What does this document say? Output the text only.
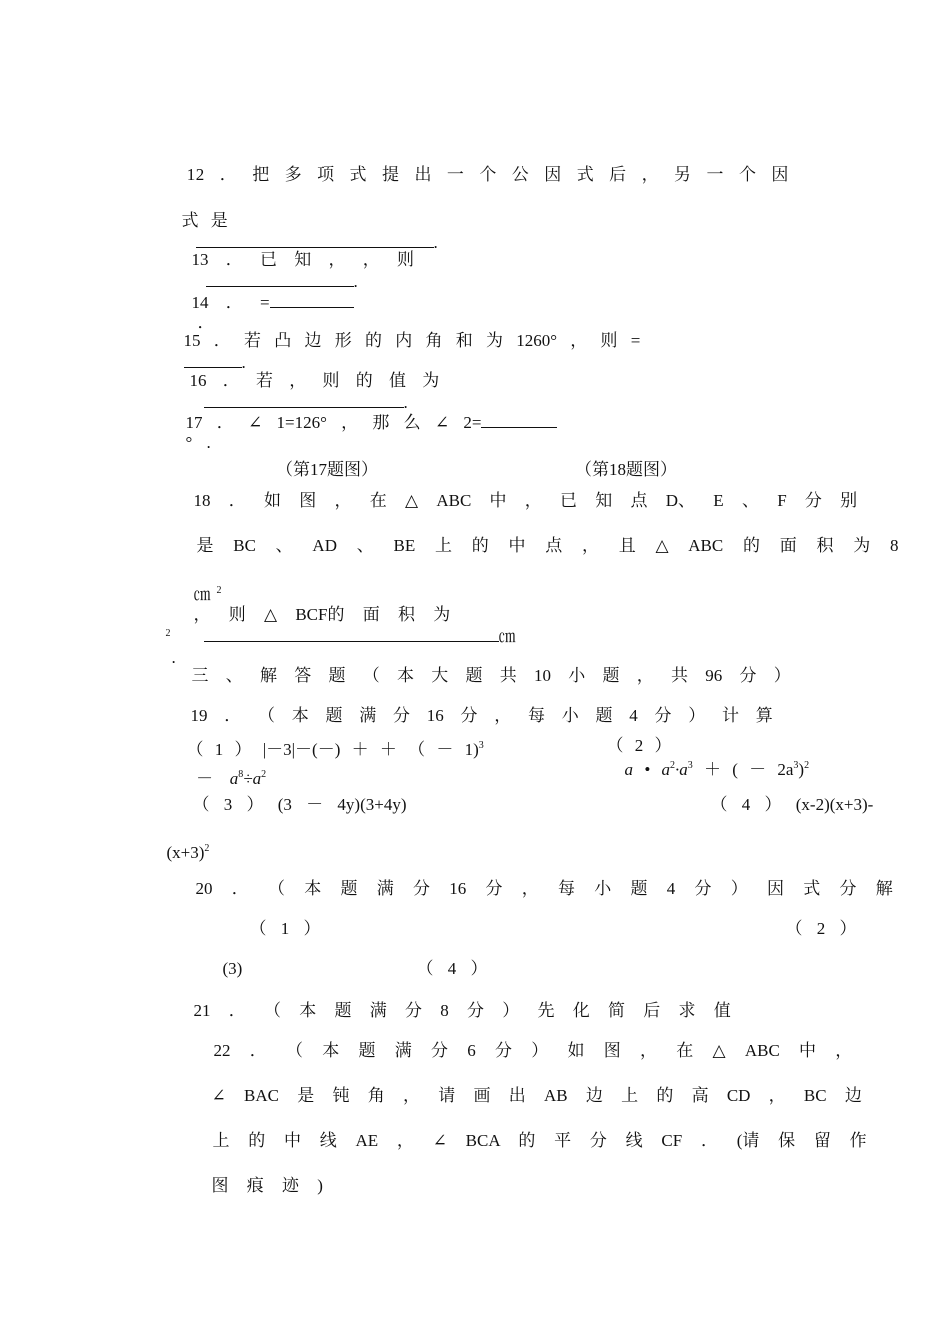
12 ． 把 多 项 式 提 出 一 个 公 因 式 后 ， 另 一 个 因

式 是
.

13 ． 已 知 ， ， 则
.

14 ． =
．

15 ． 若 凸 边 形 的 内 角 和 为 1260° ， 则 =
.

16 ． 若 ， 则 的 值 为
.

17 ． ∠ 1=126° ， 那 么 ∠ 2=
° .

（第17题图）	（第18题图）

18 ． 如 图 ， 在 △ ABC 中 ， 已 知 点 D、 E 、 F 分 别

是 BC 、 AD 、 BE 上 的 中 点 ， 且 △ ABC 的 面 积 为 8

㎝ 2
， 则 △ BCF的 面 积 为
㎝

2
.

三 、 解 答 题 （ 本 大 题 共 10 小 题 ， 共 96 分 ）

19 ． （ 本 题 满 分 16 分 ， 每 小 题 4 分 ） 计 算

（ 1 ） |－3|－(－) ＋ ＋ （ － 1)3	（ 2 ）
a • a2·a3 ＋ ( － 2a3)2

－ a8÷a2

（ 3 ） (3 － 4y)(3+4y)	（ 4 ） (x-2)(x+3)-

(x+3)2

20 ． （ 本 题 满 分 16 分 ， 每 小 题 4 分 ） 因 式 分 解

（ 1 ）	（ 2 ）

(3)	（ 4 ）

21 ． （ 本 题 满 分 8 分 ） 先 化 简 后 求 值

22 ． （ 本 题 满 分 6 分 ） 如 图 ， 在 △ ABC 中 ，

∠ BAC 是 钝 角 ， 请 画 出 AB 边 上 的 高 CD ， BC 边

上 的 中 线 AE ， ∠ BCA 的 平 分 线 CF ． (请 保 留 作

图 痕 迹 )
